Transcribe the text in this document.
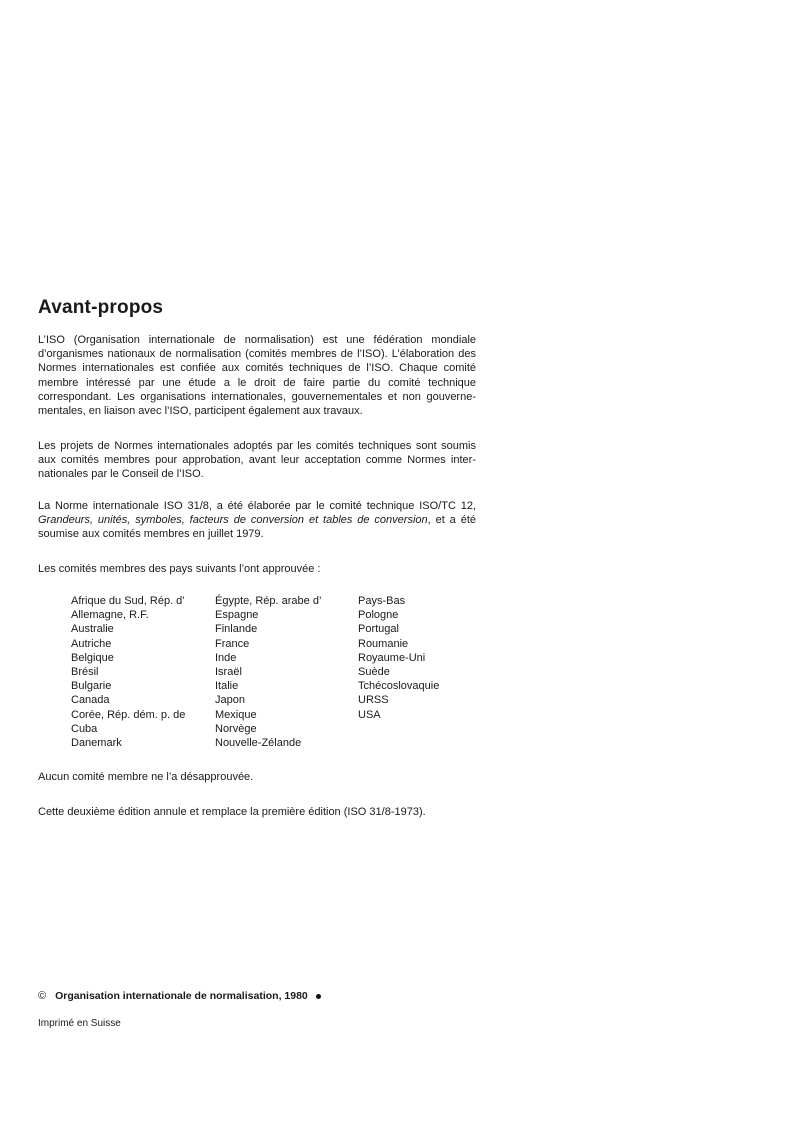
Avant-propos

L’ISO (Organisation internationale de normalisation) est une fédération mondiale d’organismes nationaux de normalisation (comités membres de l’ISO). L’élaboration des Normes internationales est confiée aux comités techniques de l’ISO. Chaque comité membre intéressé par une étude a le droit de faire partie du comité technique correspondant. Les organisations internationales, gouvernementales et non gouverne-mentales, en liaison avec l’ISO, participent également aux travaux.

Les projets de Normes internationales adoptés par les comités techniques sont soumis aux comités membres pour approbation, avant leur acceptation comme Normes inter-nationales par le Conseil de l’ISO.

La Norme internationale ISO 31/8, a été élaborée par le comité technique ISO/TC 12, Grandeurs, unités, symboles, facteurs de conversion et tables de conversion, et a été soumise aux comités membres en juillet 1979.

Les comités membres des pays suivants l’ont approuvée :

Afrique du Sud, Rép. d’
Allemagne, R.F.
Australie
Autriche
Belgique
Brésil
Bulgarie
Canada
Corée, Rép. dém. p. de
Cuba
Danemark
Égypte, Rép. arabe d’
Espagne
Finlande
France
Inde
Israël
Italie
Japon
Mexique
Norvège
Nouvelle-Zélande
Pays-Bas
Pologne
Portugal
Roumanie
Royaume-Uni
Suède
Tchécoslovaquie
URSS
USA

Aucun comité membre ne l’a désapprouvée.

Cette deuxième édition annule et remplace la première édition (ISO 31/8-1973).

© Organisation internationale de normalisation, 1980
Imprimé en Suisse
